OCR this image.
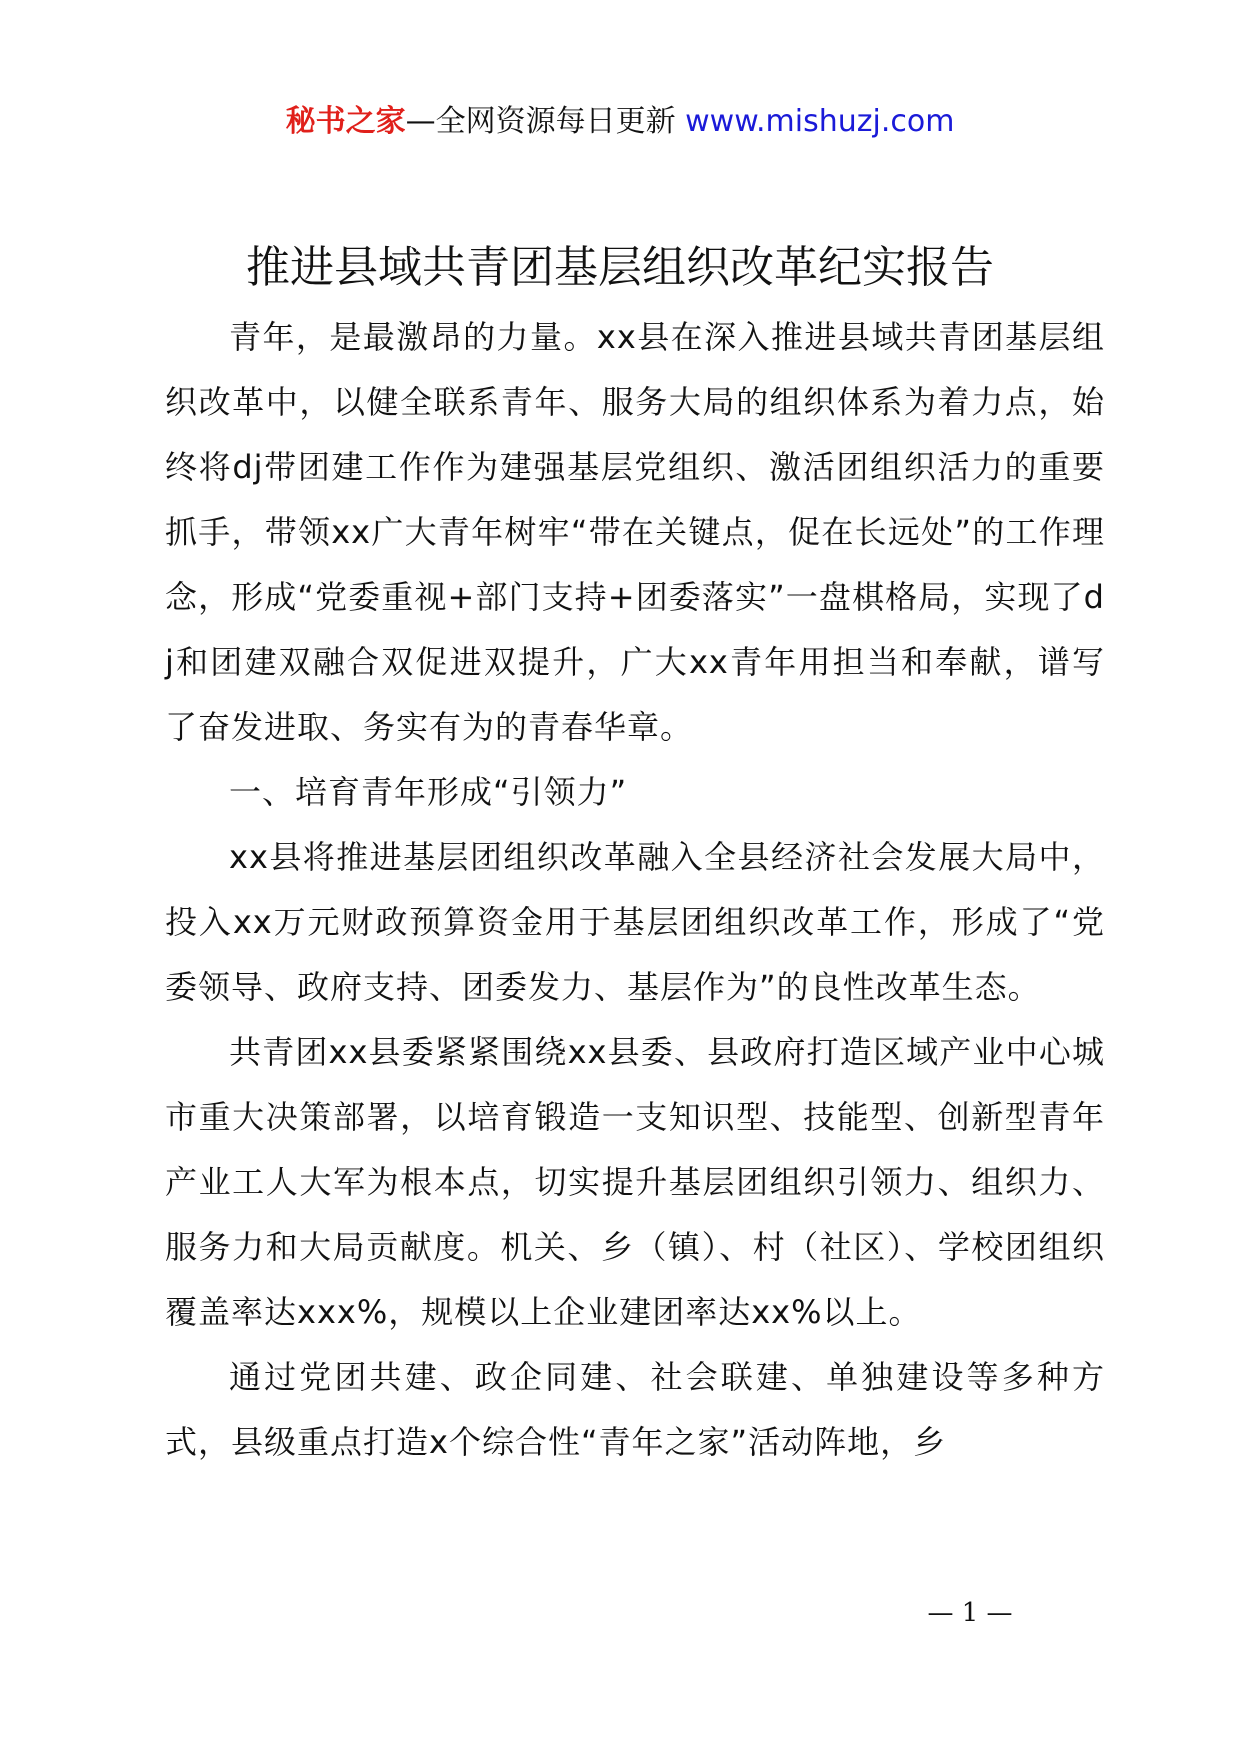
秘书之家—全网资源每日更新 www.mishuzj.com
推进县域共青团基层组织改革纪实报告

青年，是最激昂的力量。xx县在深入推进县域共青团基层组织改革中，以健全联系青年、服务大局的组织体系为着力点，始终将dj带团建工作作为建强基层党组织、激活团组织活力的重要抓手，带领xx广大青年树牢“带在关键点，促在长远处”的工作理念，形成“党委重视+部门支持+团委落实”一盘棋格局，实现了dj和团建双融合双促进双提升，广大xx青年用担当和奉献，谱写了奋发进取、务实有为的青春华章。

一、培育青年形成“引领力”

xx县将推进基层团组织改革融入全县经济社会发展大局中，投入xx万元财政预算资金用于基层团组织改革工作，形成了“党委领导、政府支持、团委发力、基层作为”的良性改革生态。

共青团xx县委紧紧围绕xx县委、县政府打造区域产业中心城市重大决策部署，以培育锻造一支知识型、技能型、创新型青年产业工人大军为根本点，切实提升基层团组织引领力、组织力、服务力和大局贡献度。机关、乡（镇）、村（社区）、学校团组织覆盖率达xxx%，规模以上企业建团率达xx%以上。

通过党团共建、政企同建、社会联建、单独建设等多种方式，县级重点打造x个综合性“青年之家”活动阵地，乡

— 1 —
